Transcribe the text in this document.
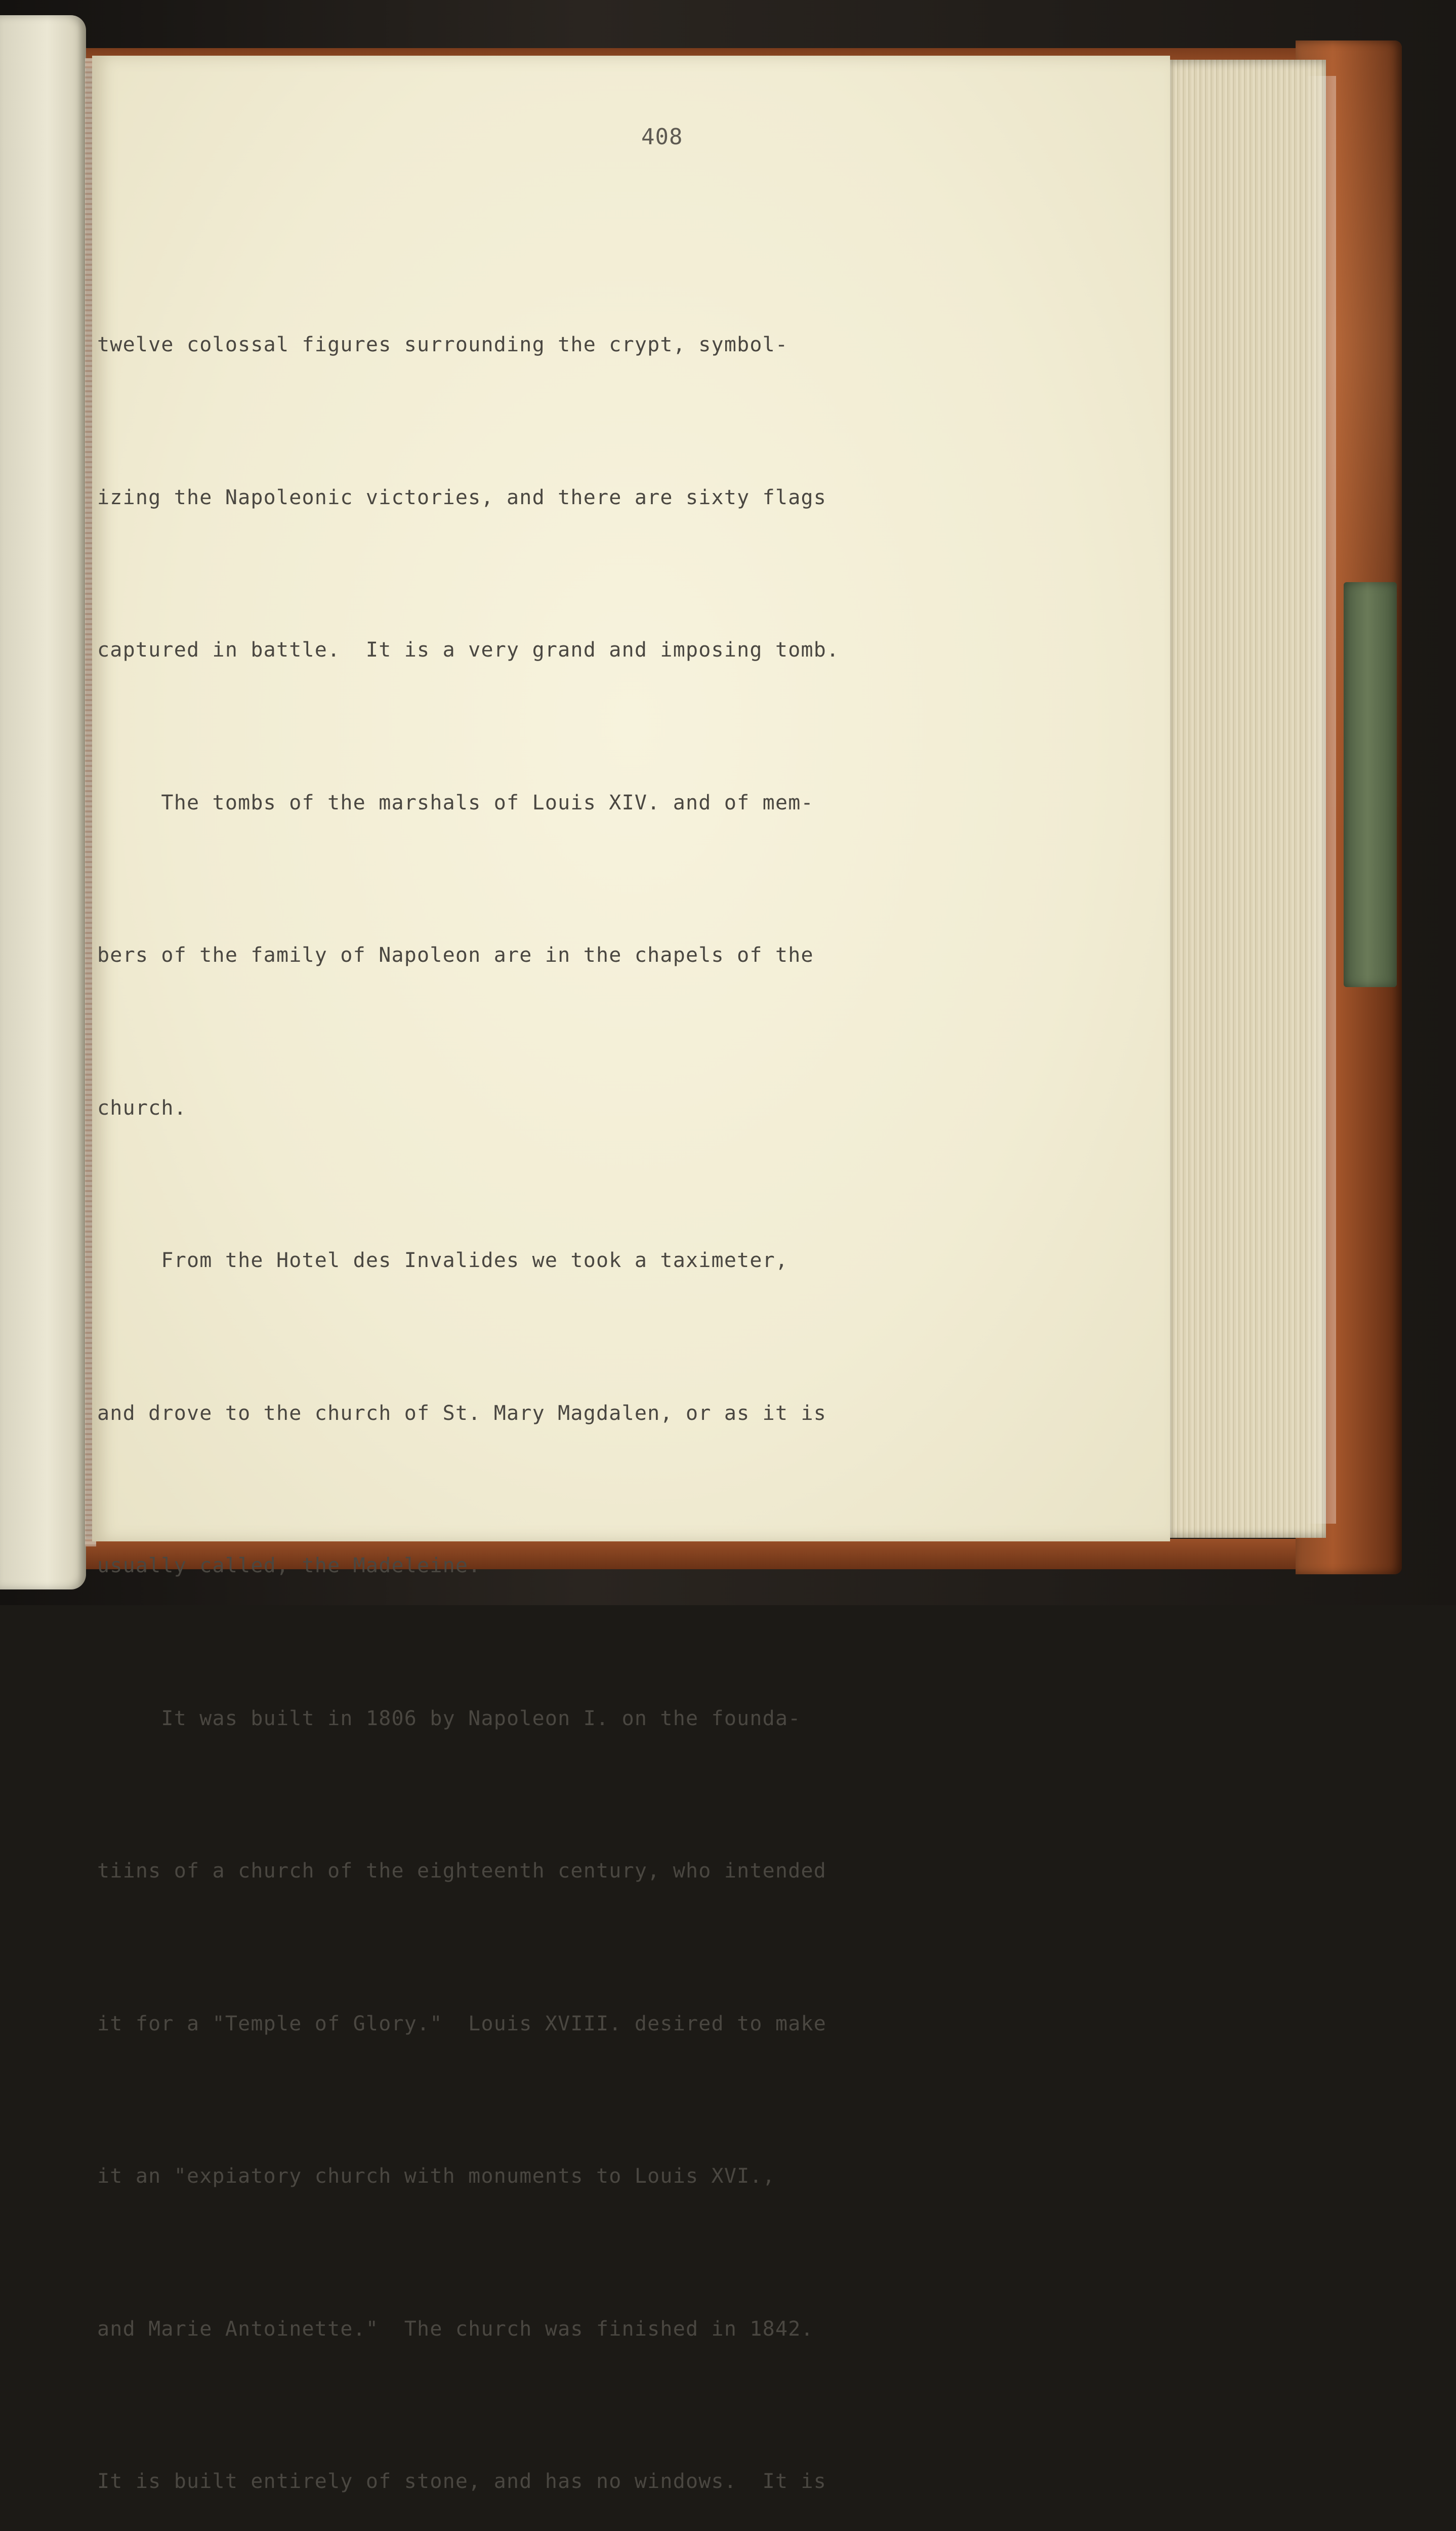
408

twelve colossal figures surrounding the crypt, symbol-

izing the Napoleonic victories, and there are sixty flags

captured in battle.  It is a very grand and imposing tomb.

The tombs of the marshals of Louis XIV. and of mem-

bers of the family of Napoleon are in the chapels of the

church.

From the Hotel des Invalides we took a taximeter,

and drove to the church of St. Mary Magdalen, or as it is

usually called, the Madeleine.

It was built in 1806 by Napoleon I. on the founda-

tiins of a church of the eighteenth century, who intended

it for a "Temple of Glory."  Louis XVIII. desired to make

it an "expiatory church with monuments to Louis XVI.,

and Marie Antoinette."  The church was finished in 1842.

It is built entirely of stone, and has no windows.  It is
